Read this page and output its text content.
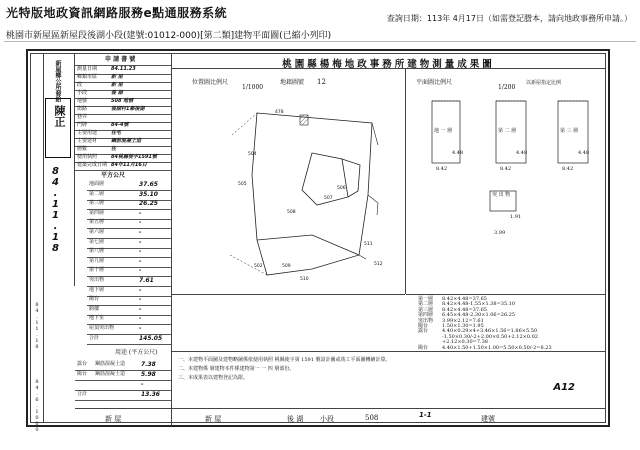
光特版地政資訊網路服務e點通服務系統	查詢日期：113年 4月17日（如需登記謄本，請向地政事務所申請。）
桃園市新屋區新屋段後湖小段(建號:01012-000)[第二類]建物平面圖(已縮小列印)
84.11.18
84.6.1000
新屋鄉公所發給
陳正
84.11.18
申 請 書 號
測量日期	84.11.23
鄉鎮市區	新 屋
段	新 屋
小段	後 湖
地號	508 地號
街路	後湖村1鄰後湖
巷弄
門牌	84-4號
主要用途	住宅
主要建材	鋼筋混凝土造
層數	住
使用執照	84桃縣使字1591號
建築完成日期 84年11月16日
平方公尺
地面層	37.65
第二層	35.10
第三層	26.25
第四層	-
第五層	-
第六層	-
第七層	-
第八層	-
第九層	-
第十層	-
突出物	7.61
地下層	-
陽台	-
騎樓	-
地下室	-
屋頂突出物	-
合計	145.05
用途 (平方公尺)
露台 鋼筋混凝土造	7.38
陽台 鋼筋混凝土造	5.98
-
合計	13.36
桃園縣楊梅地政事務所建物測量成果圖
位置圖比例尺
1/1000
地籍圖號 12
478
504
505
506
507
508
509
510
502	512
511
平面圖比例尺
1/200
以新屋指定比例
地 一 層
8.42
4.48
第 二 層
8.42
4.48
第 三 層
8.42
4.48
突 出 物
3.99
1.91
第一層 8.42×4.48=37.65
第二層 8.42×4.48-1.55×1.38=35.10
第三層 8.42×4.48=37.65
第四層 6.45×4.48-2.30×1.06=26.25
突出物 3.99×2.12=7.61
陽台	1.50×1.30=1.95
露台	4.40×0.29×4+3.46×1.56=1.86×5.50
-1.50×0.30/-2+2.00×0.50+2.12×0.02
+2.12×0.30=7.38
陽台	4.40×1.50+1.50×1.00=5.50×0.50/-2=8.23
一、本建物平面圖及建物略圖係依使用執照 桃縣使字第 1591 號設計圖或竣工平面圖轉繪計算。
二、本建物係 層建物本件係建物第一 一 四 層部份。
三、本成果表以建物登記為限。
A12
新 屋	新 屋	後 湖 小段	508	1-1	建號
